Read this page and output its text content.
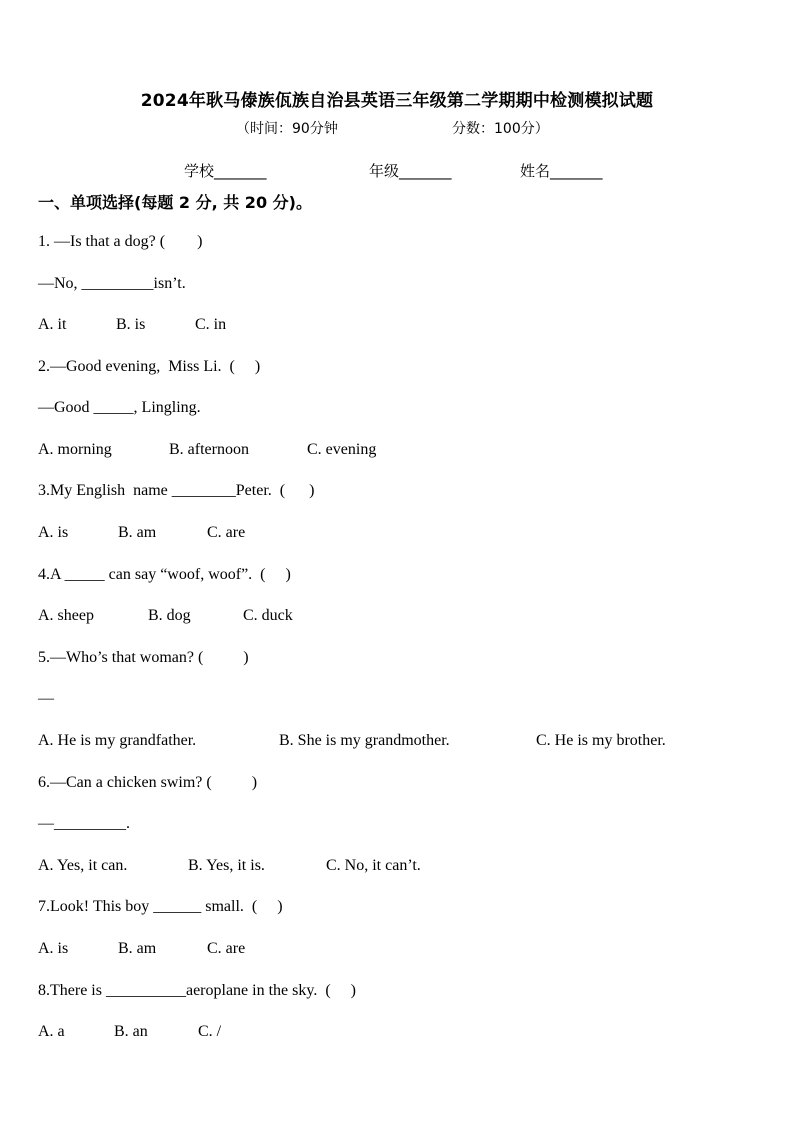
2024年耿马傣族佤族自治县英语三年级第二学期期中检测模拟试题
（时间：90分钟	分数：100分）
学校_______	年级_______	姓名_______
一、单项选择(每题 2 分, 共 20 分)。
1. —Is that a dog? (        )
—No, _________isn’t.
A. it	B. is	C. in
2.—Good evening,  Miss Li.  (     )
—Good _____, Lingling.
A. morning	B. afternoon	C. evening
3.My English  name ________Peter.  (      )
A. is	B. am	C. are
4.A _____ can say “woof, woof”.  (     )
A. sheep	B. dog	C. duck
5.—Who’s that woman? (          )
—
A. He is my grandfather.	B. She is my grandmother.	C. He is my brother.
6.—Can a chicken swim? (          )
—_________.
A. Yes, it can.	B. Yes, it is.	C. No, it can’t.
7.Look! This boy ______ small.  (     )
A. is	B. am	C. are
8.There is __________aeroplane in the sky.  (     )
A. a	B. an	C. /
